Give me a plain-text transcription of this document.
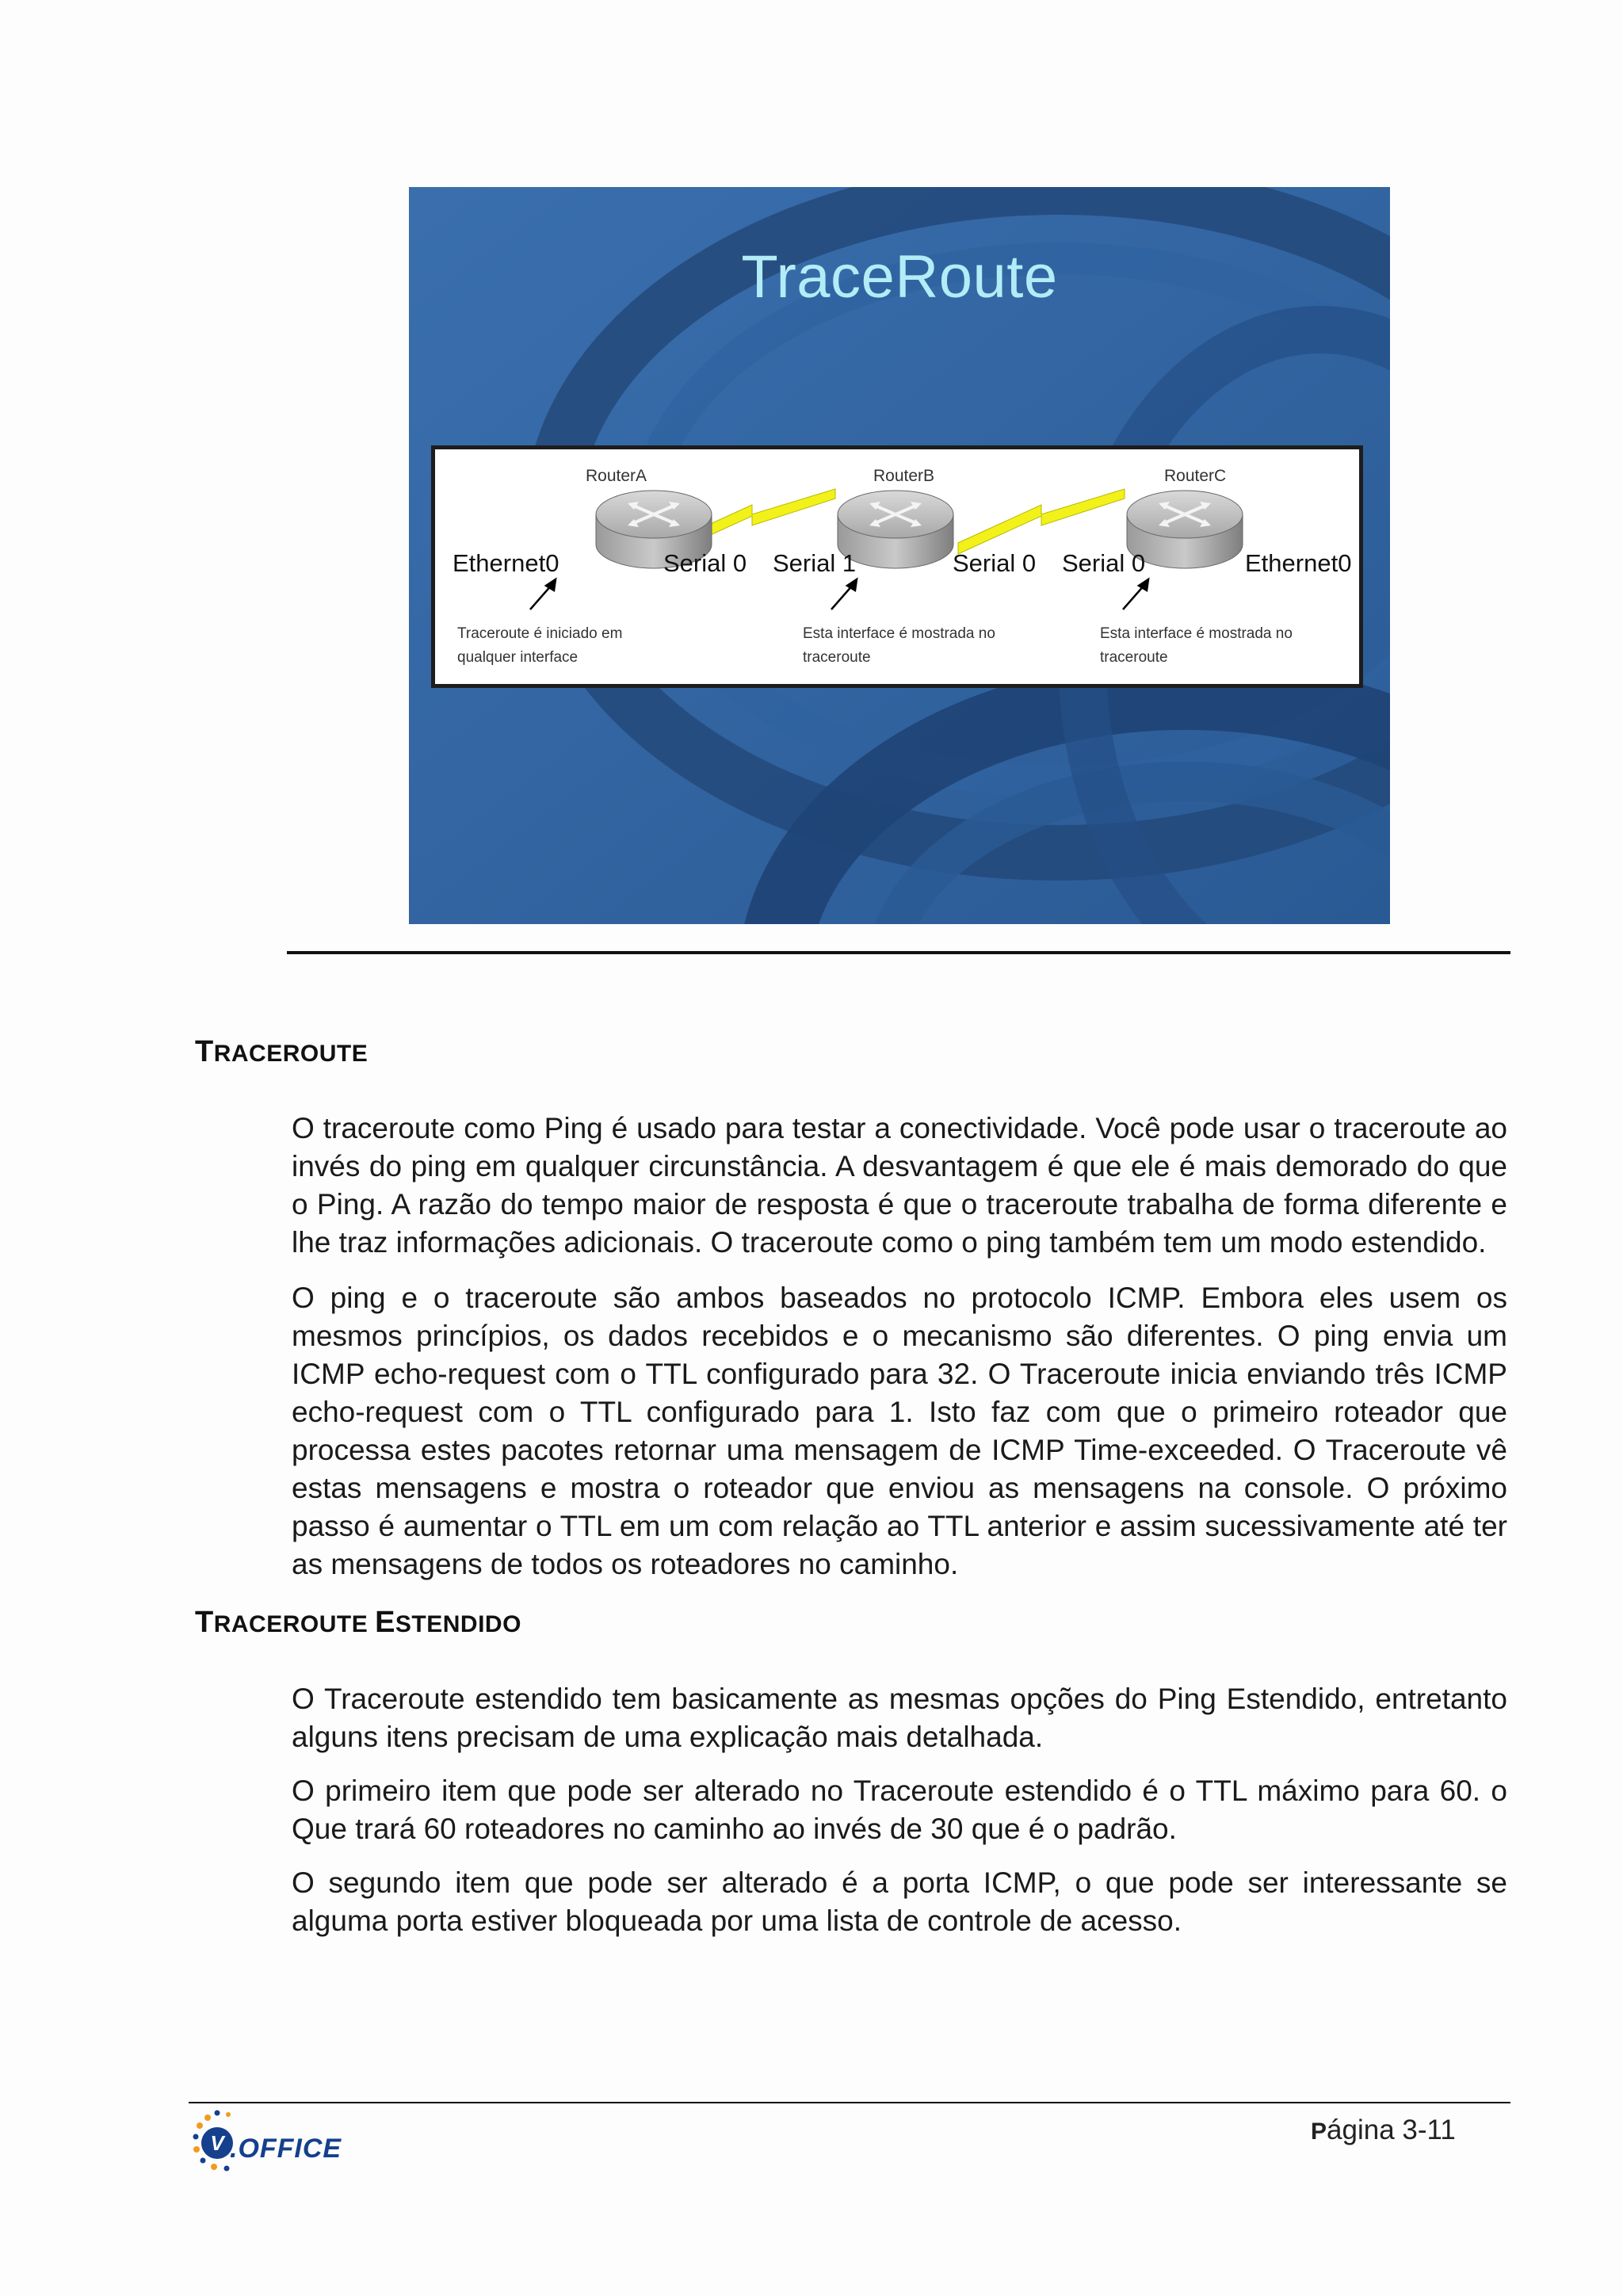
TraceRoute
RouterA	RouterB	RouterC
Ethernet0	Serial 0 Serial 1	Serial 0 Serial 0	Ethernet0
Traceroute é iniciado em qualquer interface
Esta interface é mostrada no traceroute
Esta interface é mostrada no traceroute
TRACEROUTE

O traceroute como Ping é usado para testar a conectividade. Você pode usar o traceroute ao invés do ping em qualquer circunstância. A desvantagem é que ele é mais demorado do que o Ping. A razão do tempo maior de resposta é que o traceroute trabalha de forma diferente e lhe traz informações adicionais. O traceroute como o ping também tem um modo estendido.

O ping e o traceroute são ambos baseados no protocolo ICMP. Embora eles usem os mesmos princípios, os dados recebidos e o mecanismo são diferentes. O ping envia um ICMP echo-request com o TTL configurado para 32. O Traceroute inicia enviando três ICMP echo-request com o TTL configurado para 1. Isto faz com que o primeiro roteador que processa estes pacotes retornar uma mensagem de ICMP Time-exceeded. O Traceroute vê estas mensagens e mostra o roteador que enviou as mensagens na console. O próximo passo é aumentar o TTL em um com relação ao TTL anterior e assim sucessivamente até ter as mensagens de todos os roteadores no caminho.

TRACEROUTE ESTENDIDO

O Traceroute estendido tem basicamente as mesmas opções do Ping Estendido, entretanto alguns itens precisam de uma explicação mais detalhada.

O primeiro item que pode ser alterado no Traceroute estendido é o TTL máximo para 60. o Que trará 60 roteadores no caminho ao invés de 30 que é o padrão.

O segundo item que pode ser alterado é a porta ICMP, o que pode ser interessante se alguma porta estiver bloqueada por uma lista de controle de acesso.

V .OFFICE
Página 3-11
